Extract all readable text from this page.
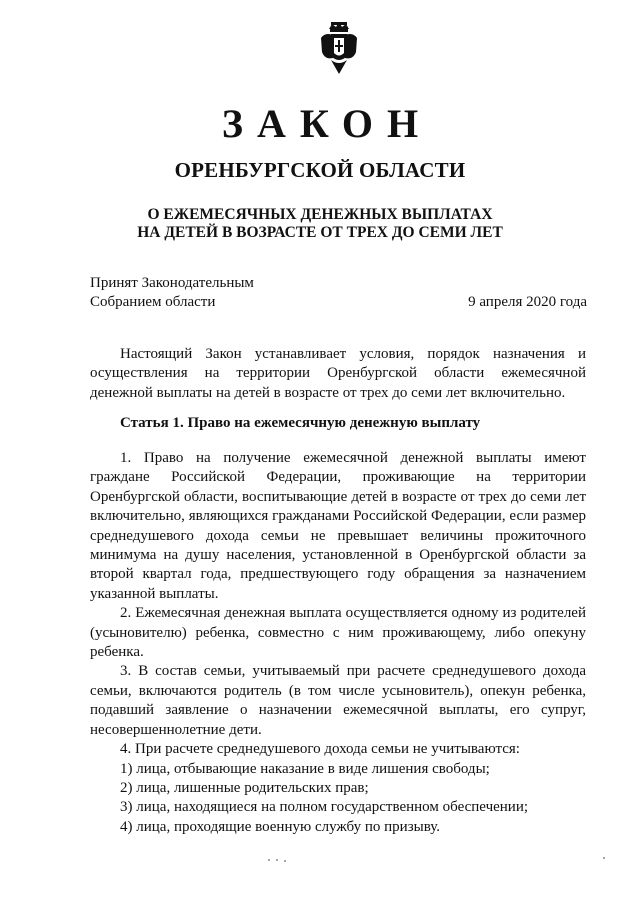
ЗАКОН
ОРЕНБУРГСКОЙ ОБЛАСТИ
О ЕЖЕМЕСЯЧНЫХ ДЕНЕЖНЫХ ВЫПЛАТАХ
НА ДЕТЕЙ В ВОЗРАСТЕ ОТ ТРЕХ ДО СЕМИ ЛЕТ
Принят Законодательным
Собранием области	9 апреля 2020 года

Настоящий Закон устанавливает условия, порядок назначения и осуществления на территории Оренбургской области ежемесячной денежной выплаты на детей в возрасте от трех до семи лет включительно.

Статья 1. Право на ежемесячную денежную выплату

1. Право на получение ежемесячной денежной выплаты имеют граждане Российской Федерации, проживающие на территории Оренбургской области, воспитывающие детей в возрасте от трех до семи лет включительно, являющихся гражданами Российской Федерации, если размер среднедушевого дохода семьи не превышает величины прожиточного минимума на душу населения, установленной в Оренбургской области за второй квартал года, предшествующего году обращения за назначением указанной выплаты.

2. Ежемесячная денежная выплата осуществляется одному из родителей (усыновителю) ребенка, совместно с ним проживающему, либо опекуну ребенка.

3. В состав семьи, учитываемый при расчете среднедушевого дохода семьи, включаются родитель (в том числе усыновитель), опекун ребенка, подавший заявление о назначении ежемесячной выплаты, его супруг, несовершеннолетние дети.

4. При расчете среднедушевого дохода семьи не учитываются:

1) лица, отбывающие наказание в виде лишения свободы;

2) лица, лишенные родительских прав;

3) лица, находящиеся на полном государственном обеспечении;

4) лица, проходящие военную службу по призыву.
